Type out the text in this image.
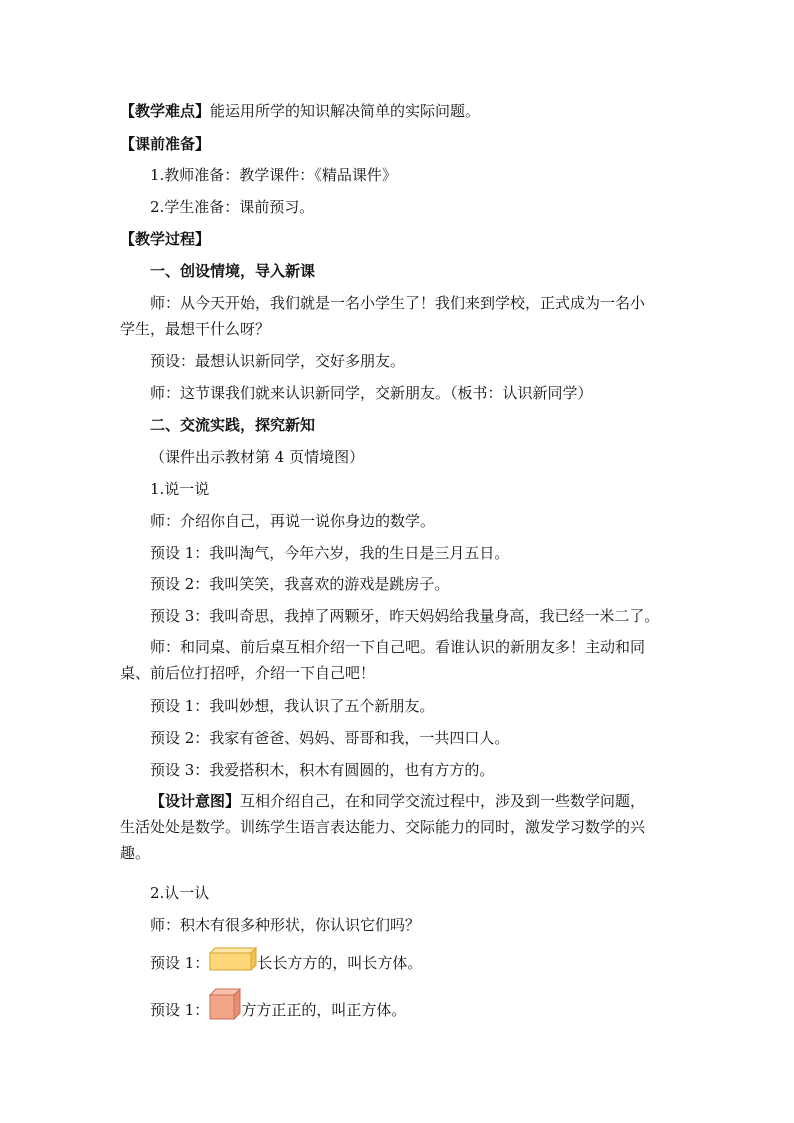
【教学难点】能运用所学的知识解决简单的实际问题。
【课前准备】
1.教师准备：教学课件：《精品课件》
2.学生准备：课前预习。
【教学过程】
一、创设情境，导入新课
师：从今天开始，我们就是一名小学生了！我们来到学校，正式成为一名小
学生，最想干什么呀？
预设：最想认识新同学，交好多朋友。
师：这节课我们就来认识新同学，交新朋友。（板书：认识新同学）
二、交流实践，探究新知
（课件出示教材第 4 页情境图）
1.说一说
师：介绍你自己，再说一说你身边的数学。
预设 1：我叫淘气，今年六岁，我的生日是三月五日。
预设 2：我叫笑笑，我喜欢的游戏是跳房子。
预设 3：我叫奇思，我掉了两颗牙，昨天妈妈给我量身高，我已经一米二了。
师：和同桌、前后桌互相介绍一下自己吧。看谁认识的新朋友多！主动和同
桌、前后位打招呼，介绍一下自己吧！
预设 1：我叫妙想，我认识了五个新朋友。
预设 2：我家有爸爸、妈妈、哥哥和我，一共四口人。
预设 3：我爱搭积木，积木有圆圆的，也有方方的。
【设计意图】互相介绍自己，在和同学交流过程中，涉及到一些数学问题，
生活处处是数学。训练学生语言表达能力、交际能力的同时，激发学习数学的兴
趣。
2.认一认
师：积木有很多种形状，你认识它们吗？
预设 1：	长长方方的，叫长方体。
预设 1： 方方正正的，叫正方体。
